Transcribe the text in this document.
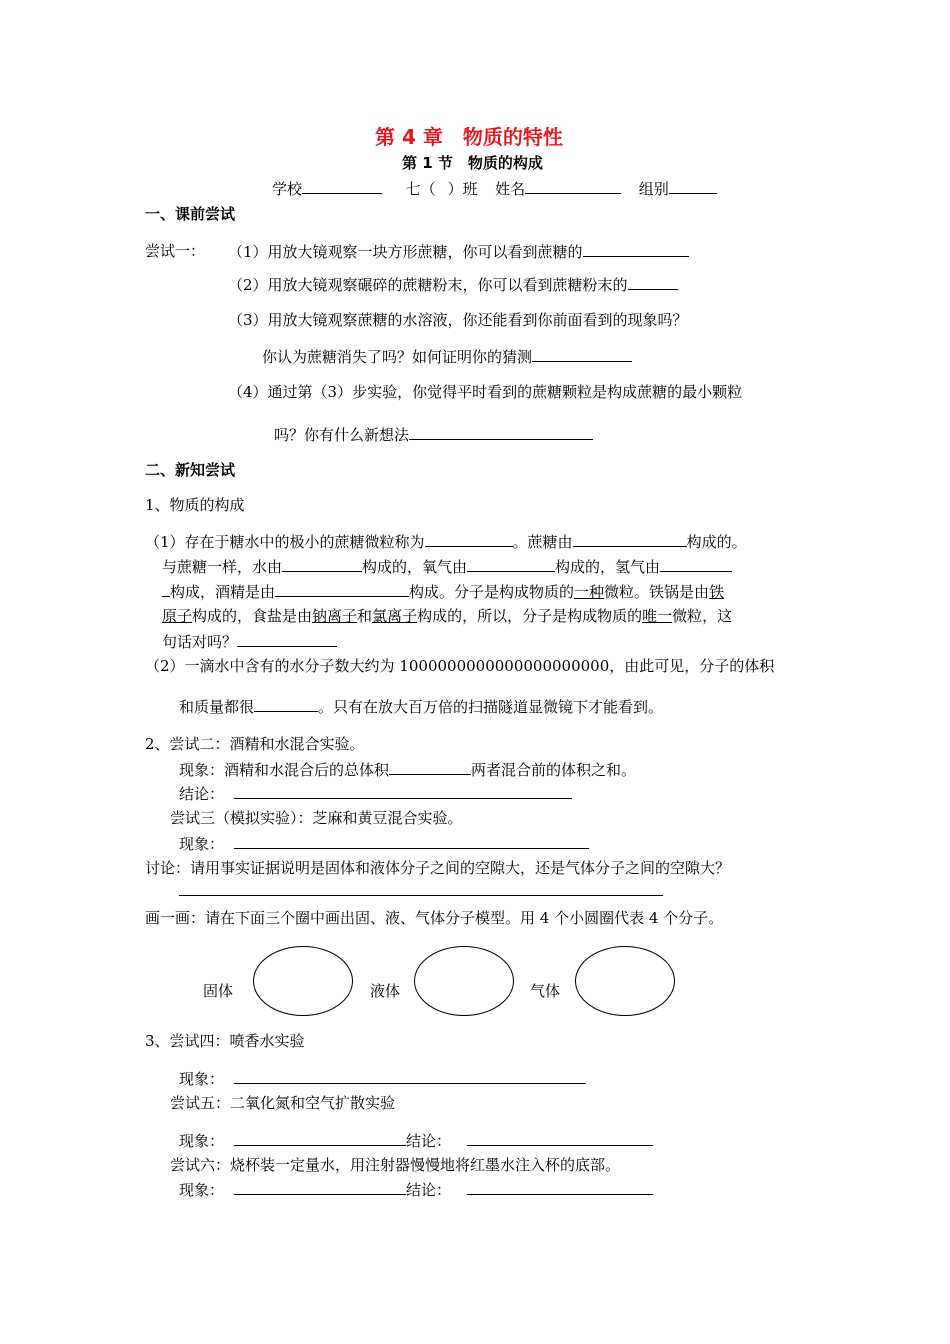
第 4 章　物质的特性
第 1 节　物质的构成
学校	七（ ）班 姓名	组别
一、课前尝试
尝试一： （1）用放大镜观察一块方形蔗糖，你可以看到蔗糖的
（2）用放大镜观察碾碎的蔗糖粉末，你可以看到蔗糖粉末的
（3）用放大镜观察蔗糖的水溶液，你还能看到你前面看到的现象吗？
你认为蔗糖消失了吗？如何证明你的猜测
（4）通过第（3）步实验，你觉得平时看到的蔗糖颗粒是构成蔗糖的最小颗粒
吗？你有什么新想法
二、新知尝试
1、物质的构成
（1）存在于糖水中的极小的蔗糖微粒称为	。蔗糖由	构成的。
与蔗糖一样，水由	构成的，氧气由	构成的，氢气由
构成，酒精是由	构成。分子是构成物质的一种微粒。铁锅是由铁
原子构成的，食盐是由钠离子和氯离子构成的，所以，分子是构成物质的唯一微粒，这
句话对吗？
（2）一滴水中含有的水分子数大约为 1000000000000000000000，由此可见，分子的体积
和质量都很	。只有在放大百万倍的扫描隧道显微镜下才能看到。
2、尝试二：酒精和水混合实验。
现象：酒精和水混合后的总体积	两者混合前的体积之和。
结论：
尝试三（模拟实验）：芝麻和黄豆混合实验。
现象：
讨论：请用事实证据说明是固体和液体分子之间的空隙大，还是气体分子之间的空隙大？
画一画：请在下面三个圈中画出固、液、气体分子模型。用 4 个小圆圈代表 4 个分子。
固体	液体	气体
3、尝试四：喷香水实验
现象：
尝试五：二氧化氮和空气扩散实验
现象：	结论：
尝试六：烧杯装一定量水，用注射器慢慢地将红墨水注入杯的底部。
现象：	结论：
